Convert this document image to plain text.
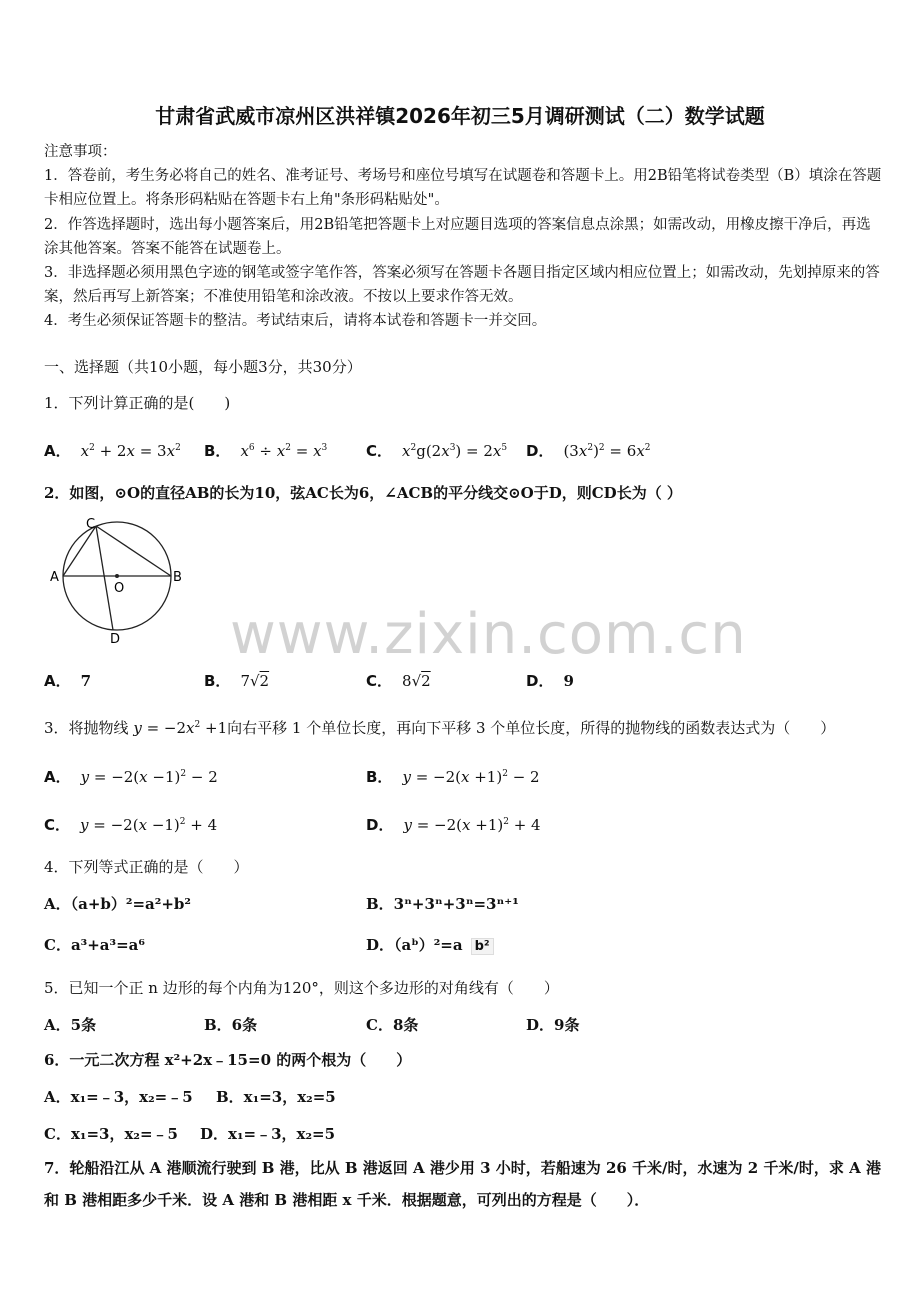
甘肃省武威市凉州区洪祥镇2026年初三5月调研测试（二）数学试题

注意事项：

1．答卷前，考生务必将自己的姓名、准考证号、考场号和座位号填写在试题卷和答题卡上。用2B铅笔将试卷类型（B）填涂在答题卡相应位置上。将条形码粘贴在答题卡右上角"条形码粘贴处"。

2．作答选择题时，选出每小题答案后，用2B铅笔把答题卡上对应题目选项的答案信息点涂黑；如需改动，用橡皮擦干净后，再选涂其他答案。答案不能答在试题卷上。

3．非选择题必须用黑色字迹的钢笔或签字笔作答，答案必须写在答题卡各题目指定区域内相应位置上；如需改动，先划掉原来的答案，然后再写上新答案；不准使用铅笔和涂改液。不按以上要求作答无效。

4．考生必须保证答题卡的整洁。考试结束后，请将本试卷和答题卡一并交回。

一、选择题（共10小题，每小题3分，共30分）
1．下列计算正确的是(　　)
A． $x^2 + 2x = 3x^2$ B． $x^6 \div x^2 = x^3$	C． $x^2g(2x^3) = 2x^5$ D． $(3x^2)^2 = 6x^2$
2．如图，⊙O的直径AB的长为10，弦AC长为6，∠ACB的平分线交⊙O于D，则CD长为（ ）
C
A	B
O
D
A． 7	B． 7√2	C． 8√2	D． 9
3．将抛物线 $y = -2x^2 +1$向右平移 1 个单位长度，再向下平移 3 个单位长度，所得的抛物线的函数表达式为（　　）
A． $y = -2(x -1)^2 - 2$	B． $y = -2(x +1)^2 - 2$
C． $y = -2(x -1)^2 + 4$	D． $y = -2(x +1)^2 + 4$
4．下列等式正确的是（　　）
A．（a+b）²=a²+b²	B．3ⁿ+3ⁿ+3ⁿ=3ⁿ⁺¹
C．a³+a³=a⁶	D．（aᵇ）²=a b²
5．已知一个正 n 边形的每个内角为120°，则这个多边形的对角线有（　　）
A．5条	B．6条	C．8条	D．9条
6．一元二次方程 x²+2x﹣15=0 的两个根为（　　）
A．x₁=﹣3，x₂=﹣5 B．x₁=3，x₂=5
C．x₁=3，x₂=﹣5 D．x₁=﹣3，x₂=5
7．轮船沿江从 A 港顺流行驶到 B 港，比从 B 港返回 A 港少用 3 小时，若船速为 26 千米/时，水速为 2 千米/时，求 A 港和 B 港相距多少千米．设 A 港和 B 港相距 x 千米．根据题意，可列出的方程是（　　）．
www.zixin.com.cn
